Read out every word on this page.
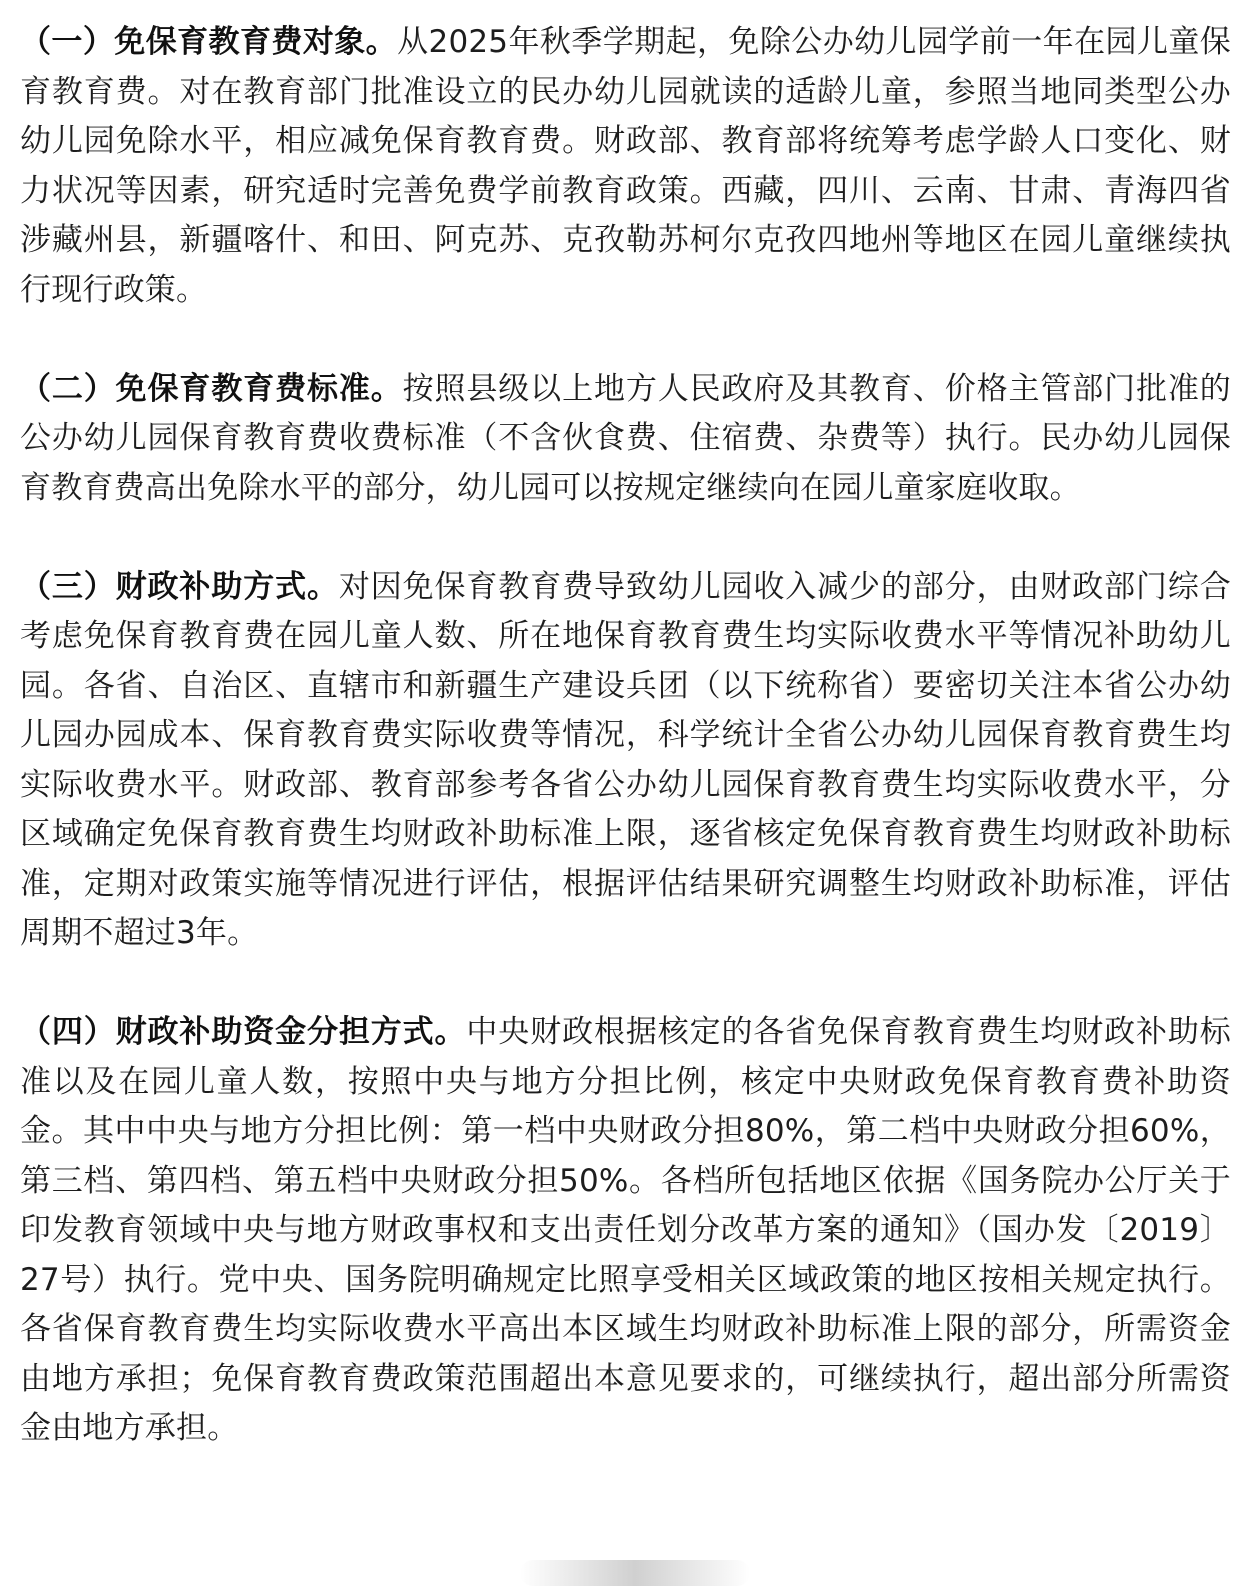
（一）免保育教育费对象。从2025年秋季学期起，免除公办幼儿园学前一年在园儿童保育教育费。对在教育部门批准设立的民办幼儿园就读的适龄儿童，参照当地同类型公办幼儿园免除水平，相应减免保育教育费。财政部、教育部将统筹考虑学龄人口变化、财力状况等因素，研究适时完善免费学前教育政策。西藏，四川、云南、甘肃、青海四省涉藏州县，新疆喀什、和田、阿克苏、克孜勒苏柯尔克孜四地州等地区在园儿童继续执行现行政策。

（二）免保育教育费标准。按照县级以上地方人民政府及其教育、价格主管部门批准的公办幼儿园保育教育费收费标准（不含伙食费、住宿费、杂费等）执行。民办幼儿园保育教育费高出免除水平的部分，幼儿园可以按规定继续向在园儿童家庭收取。

（三）财政补助方式。对因免保育教育费导致幼儿园收入减少的部分，由财政部门综合考虑免保育教育费在园儿童人数、所在地保育教育费生均实际收费水平等情况补助幼儿园。各省、自治区、直辖市和新疆生产建设兵团（以下统称省）要密切关注本省公办幼儿园办园成本、保育教育费实际收费等情况，科学统计全省公办幼儿园保育教育费生均实际收费水平。财政部、教育部参考各省公办幼儿园保育教育费生均实际收费水平，分区域确定免保育教育费生均财政补助标准上限，逐省核定免保育教育费生均财政补助标准，定期对政策实施等情况进行评估，根据评估结果研究调整生均财政补助标准，评估周期不超过3年。

（四）财政补助资金分担方式。中央财政根据核定的各省免保育教育费生均财政补助标准以及在园儿童人数，按照中央与地方分担比例，核定中央财政免保育教育费补助资金。其中中央与地方分担比例：第一档中央财政分担80%，第二档中央财政分担60%，第三档、第四档、第五档中央财政分担50%。各档所包括地区依据《国务院办公厅关于印发教育领域中央与地方财政事权和支出责任划分改革方案的通知》（国办发〔2019〕27号）执行。党中央、国务院明确规定比照享受相关区域政策的地区按相关规定执行。各省保育教育费生均实际收费水平高出本区域生均财政补助标准上限的部分，所需资金由地方承担；免保育教育费政策范围超出本意见要求的，可继续执行，超出部分所需资金由地方承担。
